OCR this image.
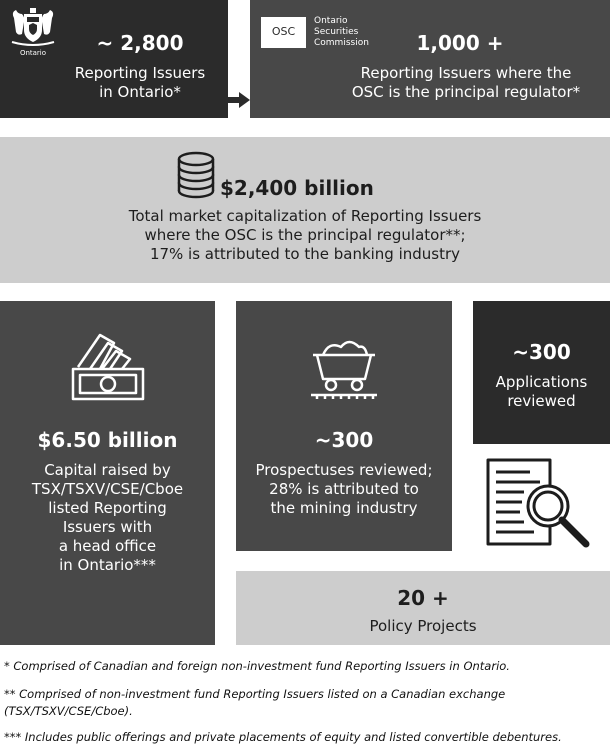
Ontario	~ 2,800
Reporting Issuers
in Ontario*
OSC
Ontario
Securities
Commission	1,000 +
Reporting Issuers where the
OSC is the principal regulator*
$2,400 billion
Total market capitalization of Reporting Issuers
where the OSC is the principal regulator**;
17% is attributed to the banking industry
$6.50 billion
Capital raised by
TSX/TSXV/CSE/Cboe
listed Reporting
Issuers with
a head office
in Ontario***
~300
Prospectuses reviewed;
28% is attributed to
the mining industry
~300
Applications
reviewed
20 +
Policy Projects
* Comprised of Canadian and foreign non-investment fund Reporting Issuers in Ontario.
** Comprised of non-investment fund Reporting Issuers listed on a Canadian exchange
(TSX/TSXV/CSE/Cboe).
*** Includes public offerings and private placements of equity and listed convertible debentures.
